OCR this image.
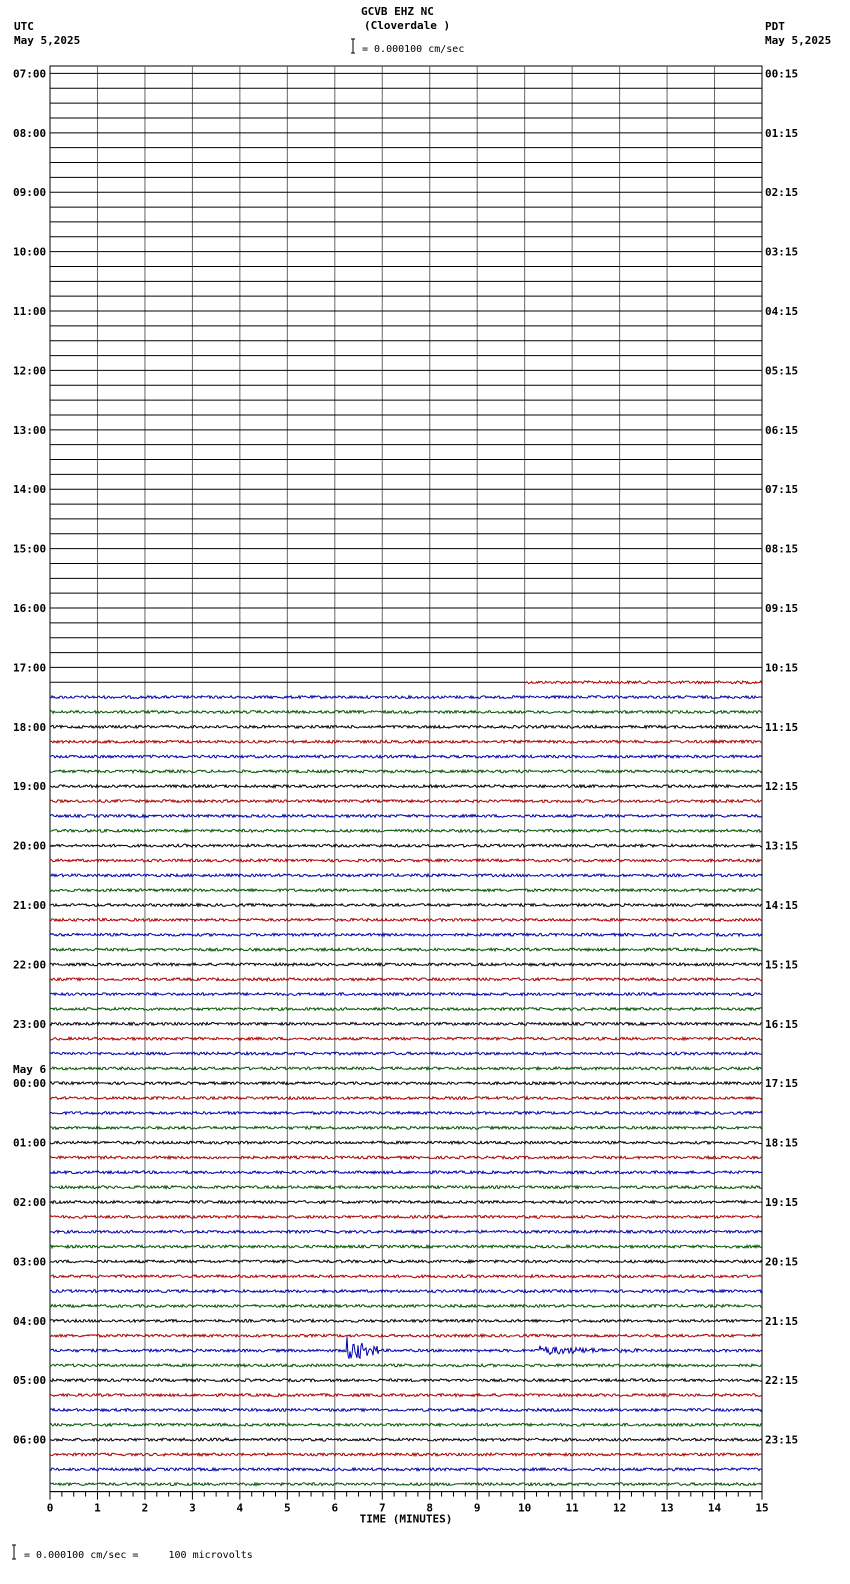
07:00	00:15
08:00	01:15
09:00	02:15
10:00	03:15
11:00	04:15
12:00	05:15
13:00	06:15
14:00	07:15
15:00	08:15
16:00	09:15
17:00	10:15
18:00	11:15
19:00	12:15
20:00	13:15
21:00	14:15
22:00	15:15
23:00	16:15
00:00	17:15
01:00	18:15
02:00	19:15
03:00	20:15
04:00	21:15
05:00	22:15
06:00	23:15
May 6
0	1	2	3	4	5	6	7	8	9	10	11	12	13	14	15
TIME (MINUTES)
GCVB EHZ NC
(Cloverdale )
= 0.000100 cm/sec
UTC
May 5,2025
PDT
May 5,2025
= 0.000100 cm/sec =     100 microvolts
